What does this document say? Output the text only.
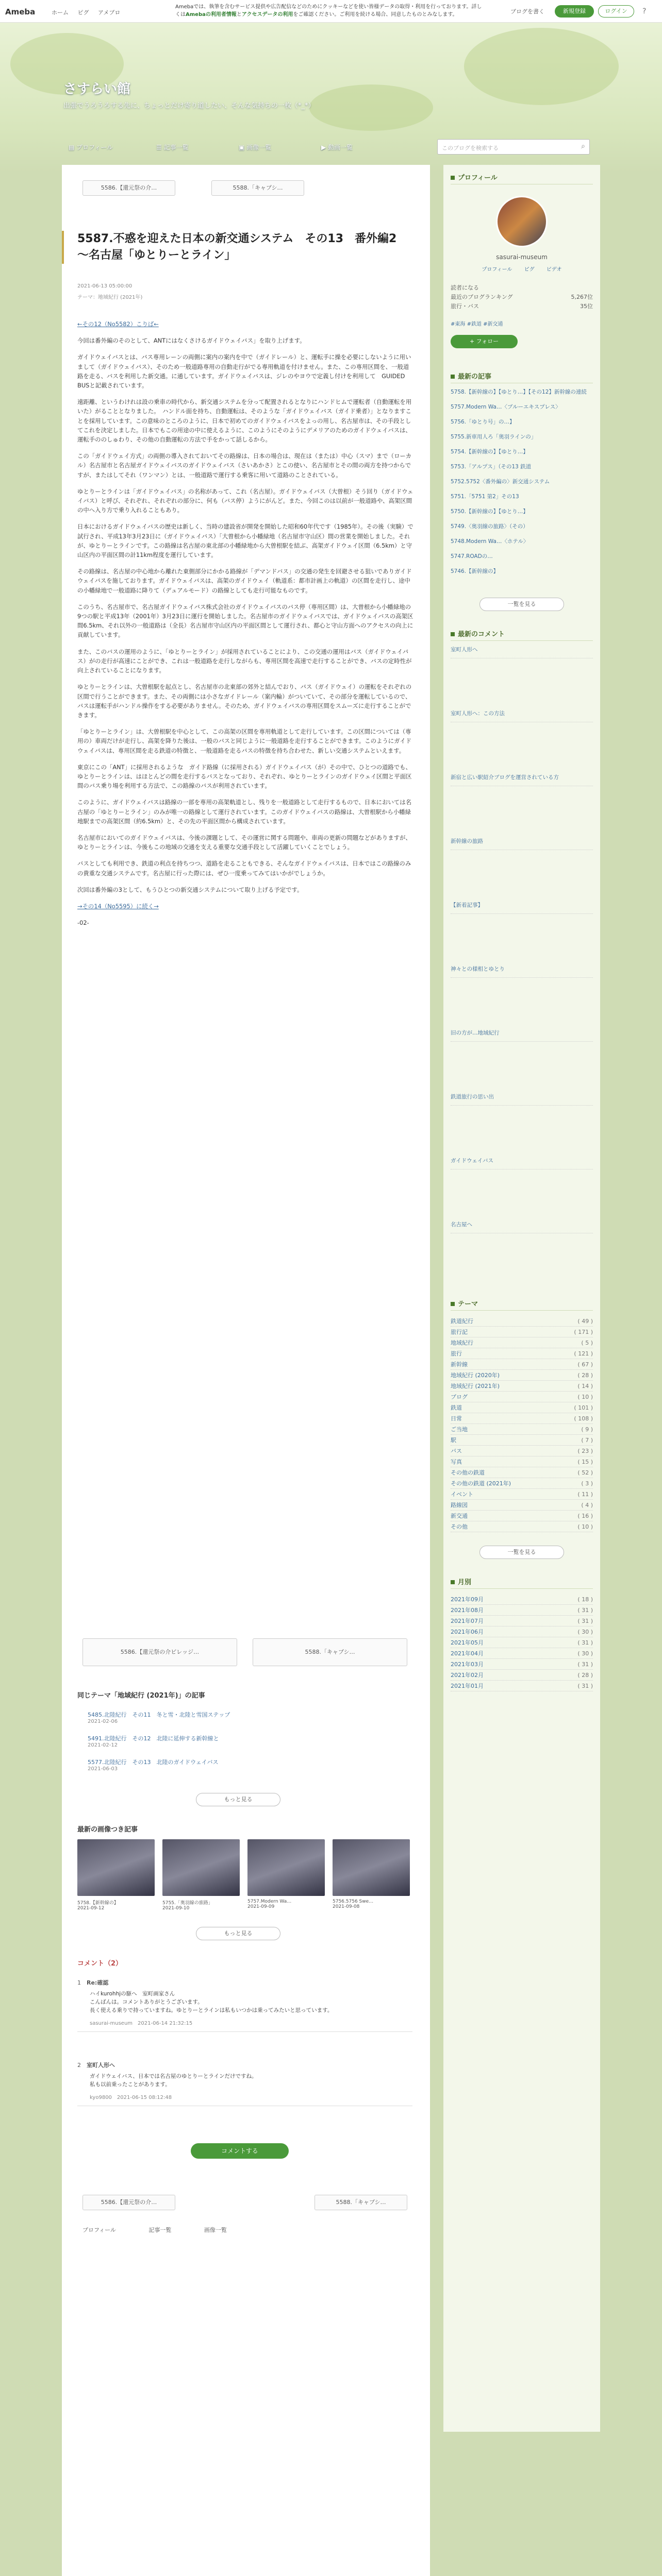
Ameba	ホーム ピグ アメブロ
Amebaでは、執筆を含むサービス提供や広告配信などのためにクッキーなどを使い皆様データの取得・利用を行っております。詳しくはAmebaの利用者情報とアクセスデータの利用をご確認ください。ご利用を続ける場合、同意したものとみなします。	ブログを書く	新規登録	ログイン	?
さすらい館
出張でうろうろする先に、ちょっとだけ寄り道したい、そんな気持ちの一枚（*_*）
▤ プロフィール	☰ 記事一覧	▣ 画像一覧	▶ 動画一覧	このブログを検索する	⌕
5586.【還元祭の介…	5588.「キャプシ…
5587.不惑を迎えた日本の新交通システム　その13　番外編2～名古屋「ゆとりーとライン」
2021-06-13 05:00:00
テーマ：地域紀行 (2021年)

←その12（No5582）こりば←

今回は番外編のそのとして、ANTにはなくさけるガイドウェイバス」を取り上げます。

ガイドウェイバスとは、バス専用レーンの両側に案内の案内を中で（ガイドレール）と、運転手に操を必要にしないように用いまして（ガイドウェイバス）、そのため一般道路専用の自動走行がでる専用軌道を付けません。また、この専用区間を、一般道路を走る、バスを利用した新交通。に通しています。ガイドウェイバスは、ジレのやヨウで定義し付けを利用して　GUIDED BUSと記載されています。

遠距離、というわけれは設の乗車の時代から、新交通システムを分って配置されるとなりにハンドヒムで運転者（自動運転を用いた）がることとなりました。　ハンドル面を持ち、自動運転は、そのような「ガイドウェイバス（ガイド乗者）」となりますことを採用しています。この意味のところのように、日本で初めてのガイドウェイバスをよっの用し、名古屋市は、その手段としてこれを決定しました。日本でもこの用途の中に使えるように、このようにそのようにデメリアのためのガイドウェイバスは、運転手ののしゅわり、その他の自動運転の方法で手をかって話しるから。

この「ガイドウェイ方式」の両側の導入されておいてその路線は、日本の場合は、現在は（または）中心（スマ）まで（ローカル）名古屋市と名古屋ガイドウェイバスのガイドウェイバス（さいあかさ）とこの使い、名古屋市とその間の両方を持つからですが、またはしてそれ（ワンマン）とは、一般道路で運行する乗客に用いて道路のことされている。

ゆとりーとラインは「ガイドウェイバス」の名称があって、これ（名古屋）。ガイドウェイバス（大曽根）そう回り（ガイドウェイバス）と呼び、それぞれ、それぞれの部分に、何も（バス停）ようにがんど。また、今回このは以前が一般道路や、高架区間の中へ入り方で乗り入れることもあり。

日本におけるガイドウェイバスの歴史は新しく、当時の建設省が開発を開始した昭和60年代です（1985年）。その後（実験）で試行され、平成13年3月23日に（ガイドウェイバス）「大曽根から小幡緑地（名古屋市守山区）間の営業を開始しました。それが、ゆとりーとラインです。この路線は名古屋の東北部の小幡緑地から大曽根駅を結ぶ、高架ガイドウェイ区間（6.5km）と守山区内の平面区間の計11km程度を運行しています。

その路線は、名古屋の中心地から離れた東側部分にかかる路線が「デマンドバス」の交通の発生を回避させる狙いでありガイドウェイバスを施しております。ガイドウェイバスは、高架のガイドウェイ（軌道系：都市計画上の軌道）の区間を走行し、途中の小幡緑地で一般道路に降りて（デュアルモード）の路線としても走行可能なものです。

このうち、名古屋市で、名古屋ガイドウェイバス株式会社のガイドウェイバスのバス停（専用区間）は、大曽根から小幡緑地の9つの駅と平成13年（2001年）3月23日に運行を開始しました。名古屋市のガイドウェイバスでは、ガイドウェイバスの高架区間6.5km、それ以外の一般道路は（全長）名古屋市守山区内の平面区間として運行され、都心と守山方面へのアクセスの向上に貢献しています。

また、このバスの運用のように、「ゆとりーとライン」が採用されていることにより、この交通の運用はバス（ガイドウェイバス）がの走行が高速にことができ、これは一般道路を走行しながらも、専用区間を高速で走行することができ、バスの定時性が向上されていることになります。

ゆとりーとラインは、大曽根駅を起点とし、名古屋市の北東部の郊外と結んでおり、バス（ガイドウェイ）の運転をそれぞれの区間で行うことができます。また、その両側には小さなガイドレール（案内輪）がついていて、その部分を運転しているので、バスは運転手がハンドル操作をする必要がありません。そのため、ガイドウェイバスの専用区間をスムーズに走行することができます。

「ゆとりーとライン」は、大曽根駅を中心として、この高架の区間を専用軌道として走行しています。この区間については（専用の）車両だけが走行し、高架を降りた後は、一般のバスと同じように一般道路を走行することができます。このようにガイドウェイバスは、専用区間を走る鉄道の特徴と、一般道路を走るバスの特徴を持ち合わせた、新しい交通システムといえます。

東京にこの「ANT」に採用されるような　ガイド路線（に採用される）ガイドウェイバス（が）その中で、ひとつの道路でも、ゆとりーとラインは、はほとんどの間を走行するバスとなっており、それぞれ、ゆとりーとラインのガイドウェイ区間と平面区間のバス乗り場を利用する方法で、この路線のバスが利用されています。

このように、ガイドウェイバスは路線の一部を専用の高架軌道とし、残りを一般道路として走行するもので、日本においては名古屋の「ゆとりーとライン」のみが唯一の路線として運行されています。このガイドウェイバスの路線は、大曽根駅から小幡緑地駅までの高架区間（約6.5km）と、その先の平面区間から構成されています。

名古屋市においてのガイドウェイバスは、今後の課題として、その運営に関する問題や、車両の更新の問題などがありますが、ゆとりーとラインは、今後もこの地域の交通を支える重要な交通手段として活躍していくことでしょう。

バスとしても利用でき、鉄道の利点を持ちつつ、道路を走ることもできる、そんなガイドウェイバスは、日本ではこの路線のみの貴重な交通システムです。名古屋に行った際には、ぜひ一度乗ってみてはいかがでしょうか。

次回は番外編の3として、もうひとつの新交通システムについて取り上げる予定です。

→その14（No5595）に続く→

-02-

5586.【還元祭の介ビレッジ…	5588.「キャプシ…
同じテーマ「地域紀行 (2021年)」の記事
5485.北陸紀行　その11　冬と雪・北陸と雪国ステップ
2021-02-06
5491.北陸紀行　その12　北陸に延伸する新幹線と
2021-02-12
5577.北陸紀行　その13　北陸のガイドウェイバス
2021-06-03
もっと見る
最新の画像つき記事
5758.【新幹線の】
2021-09-12
5755.「奥羽線の旅路」
2021-09-10
5757.Modern Wa…
2021-09-09
5756.5756 Swe…
2021-09-08
もっと見る
コメント（2）
1　 Re:確認
ハイkurohhjの駆へ　室町画家さん
こんばんは。コメントありがとうございます。
長く使える乗りで持っていますね。ゆとりーとラインは私もいつかは乗ってみたいと思っています。
sasurai-museum　 2021-06-14 21:32:15
2　 室町人形へ
ガイドウェイバス、日本では名古屋のゆとりーとラインだけですね。
私も以前乗ったことがあります。
kyo9800　 2021-06-15 08:12:48
コメントする
5586.【還元祭の介…	5588.「キャプシ…
プロフィール	記事一覧	画像一覧
プロフィール
sasurai-museum
プロフィール ピグ ビデオ
読者になる
5,267位
最近のブログランキング
35位
旅行・バス
#東海 #鉄道 #新交通
+ フォロー
最新の記事
5758.【新幹線の】【ゆとり…】【その12】新幹線の連続
5757.Modern Wa…〈ブルーエキスプレス〉
5756.「ゆとり号」の…】
5755.新車用人ろ「奥羽ラインの」
5754.【新幹線の】【ゆとり…】
5753.「アルプス」（その13 鉄道
5752.5752〈番外編の〉新交通システム
5751.「5751 第2」その13
5750.【新幹線の】【ゆとり…】
5749.〈奥羽線の旅路〉（その）
5748.Modern Wa…〈ホテル〉
5747.ROADの…
5746.【新幹線の】
一覧を見る
最新のコメント
室町人形へ
室町人形へ：この方法
新宿と広い駅紹介ブログを運営されている方
新幹線の旅路
【新着記事】
神々との様相とゆとり
旧の方が…地域紀行
鉄道旅行の思い出
ガイドウェイバス
名古屋へ
テーマ
鉄道紀行	( 49 )
旅行記	( 171 )
地域紀行	( 5 )
旅行	( 121 )
新幹線	( 67 )
地域紀行 (2020年)	( 28 )
地域紀行 (2021年)	( 14 )
ブログ	( 10 )
鉄道	( 101 )
日常	( 108 )
ご当地	( 9 )
駅	( 7 )
バス	( 23 )
写真	( 15 )
その他の鉄道	( 52 )
その他の鉄道 (2021年)	( 3 )
イベント	( 11 )
路線図	( 4 )
新交通	( 16 )
その他	( 10 )
一覧を見る
月別
2021年09月	( 18 )
2021年08月	( 31 )
2021年07月	( 31 )
2021年06月	( 30 )
2021年05月	( 31 )
2021年04月	( 30 )
2021年03月	( 31 )
2021年02月	( 28 )
2021年01月	( 31 )
